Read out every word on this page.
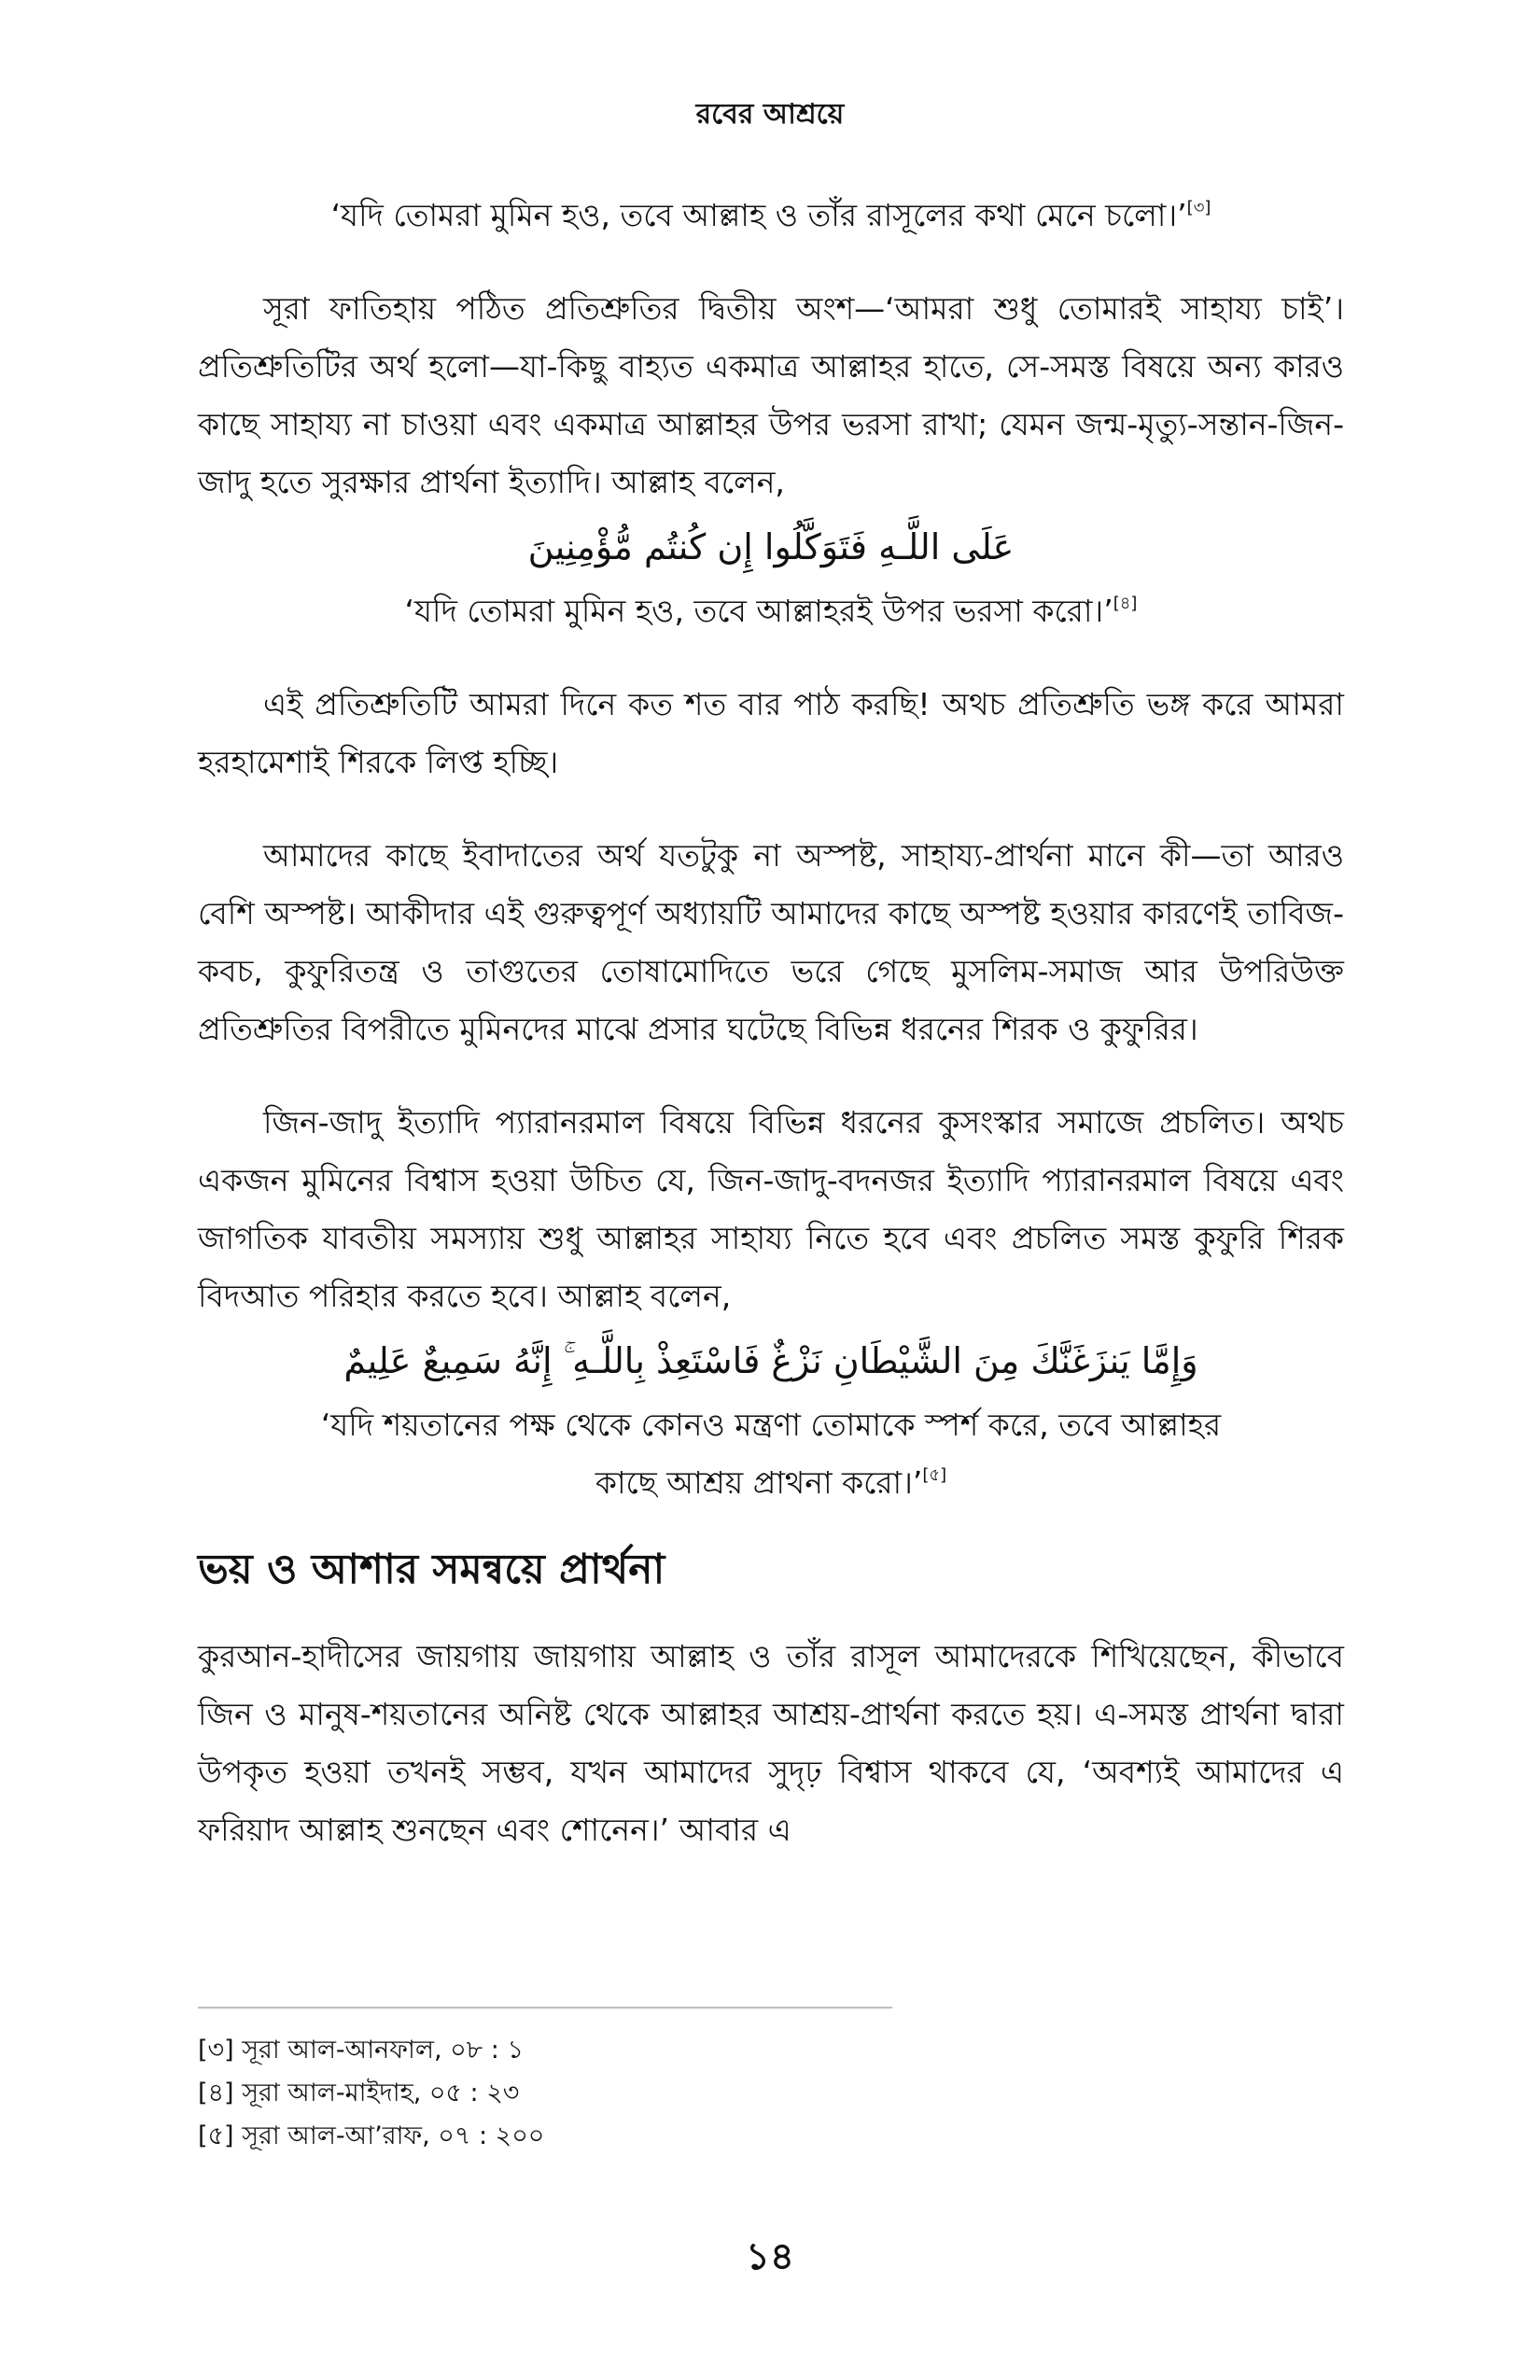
রবের আশ্রয়ে

‘যদি তোমরা মুমিন হও, তবে আল্লাহ ও তাঁর রাসূলের কথা মেনে চলো।’[৩]

সূরা ফাতিহায় পঠিত প্রতিশ্রুতির দ্বিতীয় অংশ—‘আমরা শুধু তোমারই সাহায্য চাই’। প্রতিশ্রুতিটির অর্থ হলো—যা-কিছু বাহ্যত একমাত্র আল্লাহর হাতে, সে-সমস্ত বিষয়ে অন্য কারও কাছে সাহায্য না চাওয়া এবং একমাত্র আল্লাহর উপর ভরসা রাখা; যেমন জন্ম-মৃত্যু-সন্তান-জিন-জাদু হতে সুরক্ষার প্রার্থনা ইত্যাদি। আল্লাহ বলেন,

عَلَى اللَّـهِ فَتَوَكَّلُوا إِن كُنتُم مُّؤْمِنِينَ

‘যদি তোমরা মুমিন হও, তবে আল্লাহরই উপর ভরসা করো।’[৪]

এই প্রতিশ্রুতিটি আমরা দিনে কত শত বার পাঠ করছি! অথচ প্রতিশ্রুতি ভঙ্গ করে আমরা হরহামেশাই শিরকে লিপ্ত হচ্ছি।

আমাদের কাছে ইবাদাতের অর্থ যতটুকু না অস্পষ্ট, সাহায্য-প্রার্থনা মানে কী—তা আরও বেশি অস্পষ্ট। আকীদার এই গুরুত্বপূর্ণ অধ্যায়টি আমাদের কাছে অস্পষ্ট হওয়ার কারণেই তাবিজ-কবচ, কুফুরিতন্ত্র ও তাগুতের তোষামোদিতে ভরে গেছে মুসলিম-সমাজ আর উপরিউক্ত প্রতিশ্রুতির বিপরীতে মুমিনদের মাঝে প্রসার ঘটেছে বিভিন্ন ধরনের শিরক ও কুফুরির।

জিন-জাদু ইত্যাদি প্যারানরমাল বিষয়ে বিভিন্ন ধরনের কুসংস্কার সমাজে প্রচলিত। অথচ একজন মুমিনের বিশ্বাস হওয়া উচিত যে, জিন-জাদু-বদনজর ইত্যাদি প্যারানরমাল বিষয়ে এবং জাগতিক যাবতীয় সমস্যায় শুধু আল্লাহর সাহায্য নিতে হবে এবং প্রচলিত সমস্ত কুফুরি শিরক বিদআত পরিহার করতে হবে। আল্লাহ বলেন,

وَإِمَّا يَنزَغَنَّكَ مِنَ الشَّيْطَانِ نَزْغٌ فَاسْتَعِذْ بِاللَّـهِ ۚ إِنَّهُ سَمِيعٌ عَلِيمٌ

‘যদি শয়তানের পক্ষ থেকে কোনও মন্ত্রণা তোমাকে স্পর্শ করে, তবে আল্লাহর

কাছে আশ্রয় প্রাথনা করো।’[৫]

ভয় ও আশার সমন্বয়ে প্রার্থনা

কুরআন-হাদীসের জায়গায় জায়গায় আল্লাহ ও তাঁর রাসূল আমাদেরকে শিখিয়েছেন, কীভাবে জিন ও মানুষ-শয়তানের অনিষ্ট থেকে আল্লাহর আশ্রয়-প্রার্থনা করতে হয়। এ-সমস্ত প্রার্থনা দ্বারা উপকৃত হওয়া তখনই সম্ভব, যখন আমাদের সুদৃঢ় বিশ্বাস থাকবে যে, ‘অবশ্যই আমাদের এ ফরিয়াদ আল্লাহ শুনছেন এবং শোনেন।’ আবার এ

[৩] সূরা আল-আনফাল, ০৮ : ১
[৪] সূরা আল-মাইদাহ, ০৫ : ২৩
[৫] সূরা আল-আ’রাফ, ০৭ : ২০০
১৪
